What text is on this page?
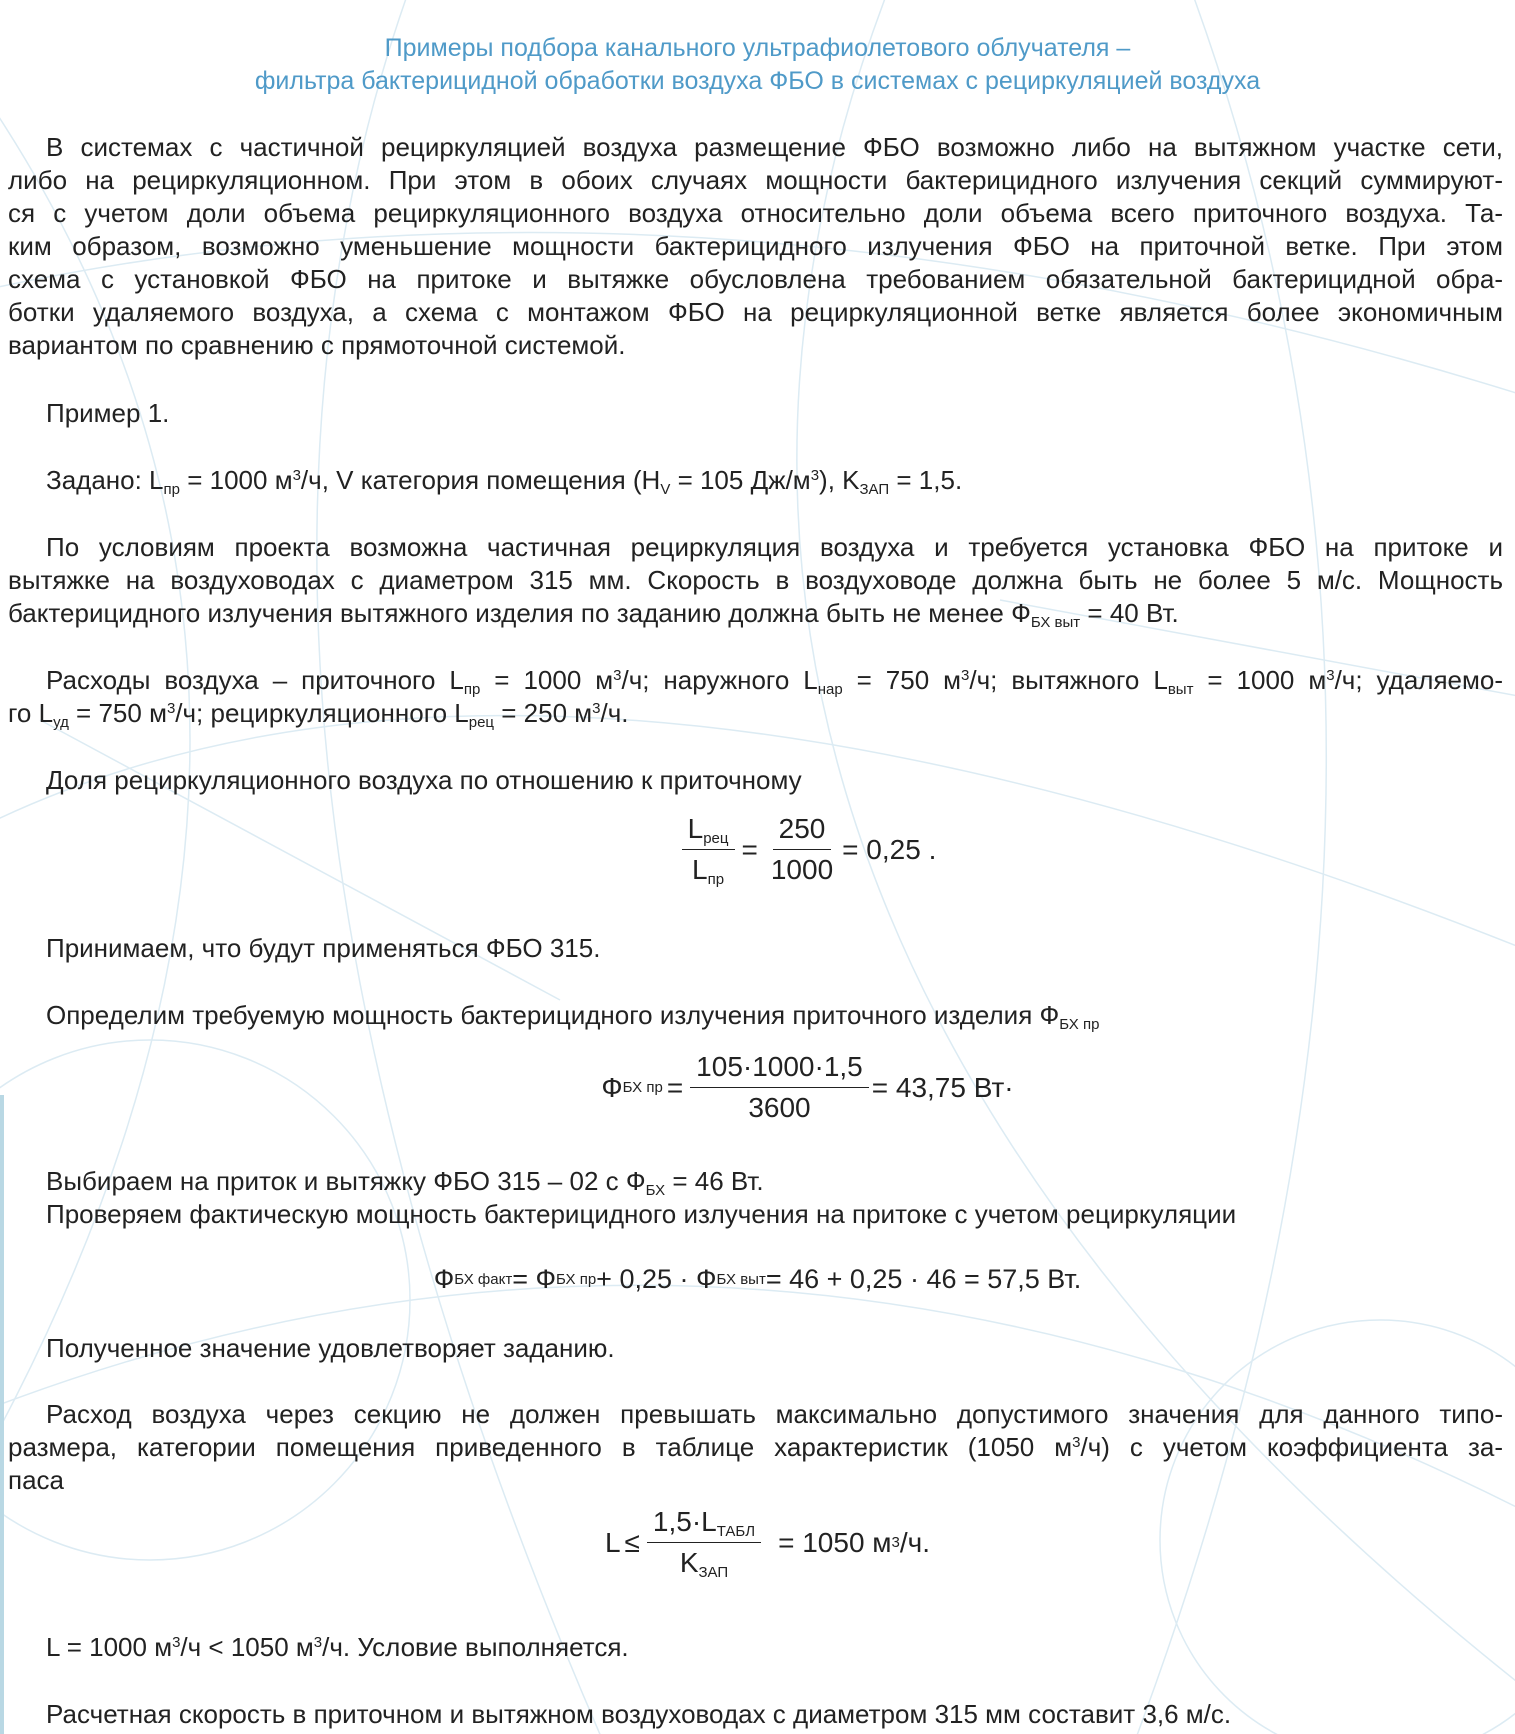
Примеры подбора канального ультрафиолетового облучателя –
фильтра бактерицидной обработки воздуха ФБО в системах с рециркуляцией воздуха
В системах с частичной рециркуляцией воздуха размещение ФБО возможно либо на вытяжном участке сети,
либо на рециркуляционном. При этом в обоих случаях мощности бактерицидного излучения секций суммируют-
ся с учетом доли объема рециркуляционного воздуха относительно доли объема всего приточного воздуха. Та-
ким образом, возможно уменьшение мощности бактерицидного излучения ФБО на приточной ветке. При этом
схема с установкой ФБО на притоке и вытяжке обусловлена требованием обязательной бактерицидной обра-
ботки удаляемого воздуха, а схема с монтажом ФБО на рециркуляционной ветке является более экономичным
вариантом по сравнению с прямоточной системой.
Пример 1.
Задано: $L_{пр} = 1000$ $м^3/ч$, V категория помещения ($H_V = 105$ $Дж/м^3$), $K_{ЗАП} = 1,5$.
По условиям проекта возможна частичная рециркуляция воздуха и требуется установка ФБО на притоке и
вытяжке на воздуховодах с диаметром 315 мм. Скорость в воздуховоде должна быть не более 5 м/с. Мощность
бактерицидного излучения вытяжного изделия по заданию должна быть не менее $Ф_{БХ выт} = 40$ Вт.
Расходы воздуха – приточного $L_{пр} = 1000$ $м^3/ч$; наружного $L_{нар} = 750$ $м^3/ч$; вытяжного $L_{выт} = 1000$ $м^3/ч$; удаляемо-
го $L_{уд} = 750$ $м^3/ч$; рециркуляционного $L_{рец} = 250$ $м^3/ч$.
Доля рециркуляционного воздуха по отношению к приточному
$\frac{L_{рец}}{L_{пр}} = \frac{250}{1000} = 0,25$ .
Принимаем, что будут применяться ФБО 315.
Определим требуемую мощность бактерицидного излучения приточного изделия $Ф_{БХ пр}$
Ф БХ пр = $\frac{105\cdot 1000\cdot 1,5}{3600} = 43,75$ Вт·
Выбираем на приток и вытяжку ФБО 315 – 02 с $Ф_{БХ} = 46$ Вт.
Проверяем фактическую мощность бактерицидного излучения на притоке с учетом рециркуляции
Ф БХ факт = Ф БХ пр + 0,25 · Ф БХ выт = 46 + 0,25 · 46 = 57,5 Вт.
Полученное значение удовлетворяет заданию.
Расход воздуха через секцию не должен превышать максимально допустимого значения для данного типо-
размера, категории помещения приведенного в таблице характеристик (1050 $м^3/ч$) с учетом коэффициента за-
паса
$L \le \frac{1,5\cdot L_{ТАБЛ}}{K_{ЗАП}} = 1050$ м 3 /ч.
L = 1000 $м^3/ч < 1050$ $м^3/ч$. Условие выполняется.
Расчетная скорость в приточном и вытяжном воздуховодах с диаметром 315 мм составит 3,6 м/с.
